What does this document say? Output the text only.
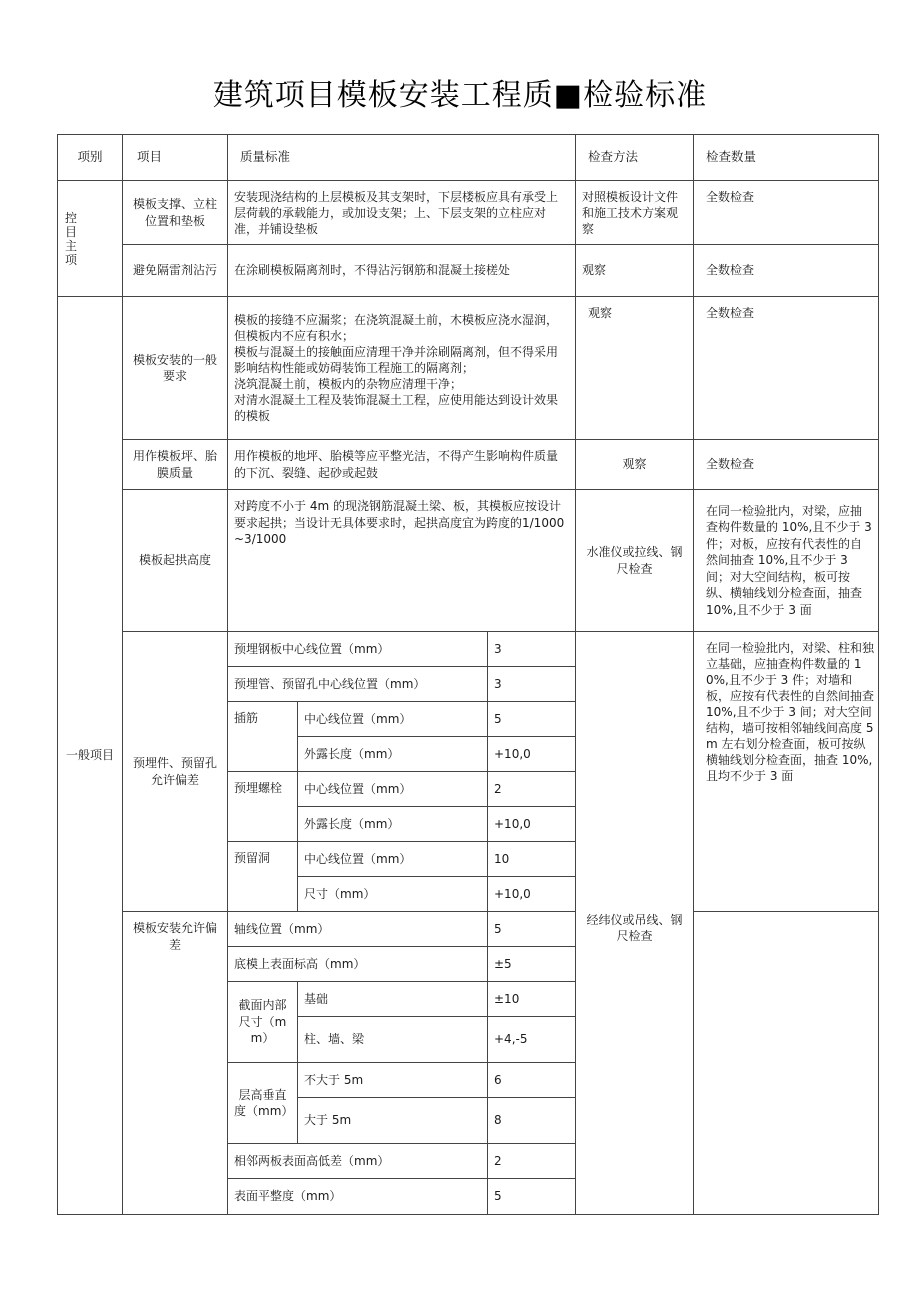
建筑项目模板安装工程质■检验标准
项别	项目	质量标准			检查方法	检查数量

控目主项	模板支撑、立柱位置和垫板	安装现浇结构的上层模板及其支架时，下层楼板应具有承受上层荷载的承载能力，或加设支架；上、下层支架的立柱应对准，并铺设垫板			对照模板设计文件和施工技术方案观察	全数检查
	避免隔雷剂沾污	在涂刷模板隔离剂时，不得沾污钢筋和混凝土接槎处			观察	全数检查
一般项目	模板安装的一般要求	模板的接缝不应漏浆；在浇筑混凝土前，木模板应浇水湿润，但模板内不应有积水；
模板与混凝土的接触面应清理干净并涂刷隔离剂，但不得采用影响结构性能或妨碍装饰工程施工的隔离剂；
浇筑混凝土前，模板内的杂物应清理干净；
对清水混凝土工程及装饰混凝土工程，应使用能达到设计效果的模板			观察	全数检查
	用作模板坪、胎膜质量	用作模板的地坪、胎模等应平整光洁，不得产生影响构件质量的下沉、裂缝、起砂或起鼓			观察	全数检查
	模板起拱高度	对跨度不小于 4m 的现浇钢筋混凝土梁、板，其模板应按设计要求起拱；当设计无具体要求时，起拱高度宜为跨度的1/1000~3/1000			水准仪或拉线、钢尺检查	在同一检验批内，对梁，应抽查构件数量的 10%,且不少于 3 件；对板，应按有代表性的自然间抽查 10%,且不少于 3 间；对大空间结构，板可按纵、横轴线划分检查面，抽查 10%,且不少于 3 面
	预埋件、预留孔允许偏差	预埋钢板中心线位置（mm）		3		在同一检验批内，对梁、柱和独立基础，应抽查构件数量的 10%,且不少于 3 件；对墙和板，应按有代表性的自然间抽查 10%,且不少于 3 间；对大空间结构，墙可按相邻轴线间高度 5m 左右划分检查面，板可按纵横轴线划分检查面，抽查 10%,
且均不少于 3 面
		预埋管、预留孔中心线位置（mm）		3		
		插筋	中心线位置（mm）	5		
			外露长度（mm）	+10,0		
		预埋螺栓	中心线位置（mm）	2		
			外露长度（mm）	+10,0		
		预留洞	中心线位置（mm）	10		
			尺寸（mm）	+10,0		
	模板安装允许偏差	轴线位置（mm）		5	经纬仪或吊线、钢尺检查	
		底模上表面标高（mm）		±5		
		截面内部尺寸（mm）	基础	±10		
			柱、墙、梁	+4,-5		
		层高垂直度（mm）	不大于 5m	6		
			大于 5m	8		
		相邻两板表面高低差（mm）		2		
		表面平整度（mm）		5		
